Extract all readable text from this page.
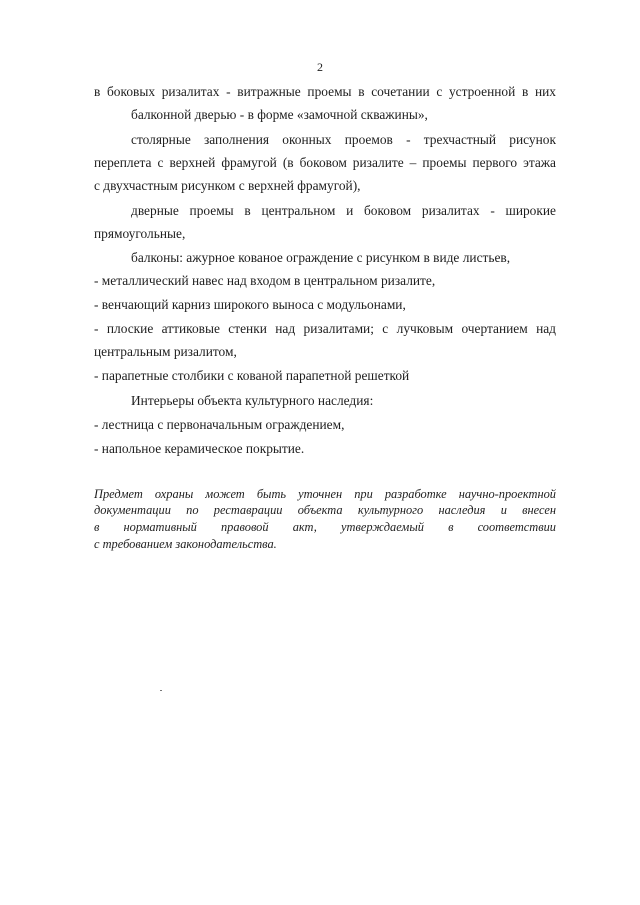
2
в боковых ризалитах - витражные проемы в сочетании с устроенной в них
балконной дверью - в форме «замочной скважины»,
столярные заполнения оконных проемов - трехчастный рисунок
переплета с верхней фрамугой (в боковом ризалите – проемы первого этажа
с двухчастным рисунком с верхней фрамугой),
дверные проемы в центральном и боковом ризалитах - широкие
прямоугольные,
балконы: ажурное кованое ограждение с рисунком в виде листьев,
- металлический навес над входом в центральном ризалите,
- венчающий карниз широкого выноса с модульонами,
- плоские аттиковые стенки над ризалитами; с лучковым очертанием над
центральным ризалитом,
- парапетные столбики с кованой парапетной решеткой
Интерьеры объекта культурного наследия:
- лестница с первоначальным ограждением,
- напольное керамическое покрытие.
Предмет охраны может быть уточнен при разработке научно-проектной
документации по реставрации объекта культурного наследия и внесен
в нормативный правовой акт, утверждаемый в соответствии
с требованием законодательства.
